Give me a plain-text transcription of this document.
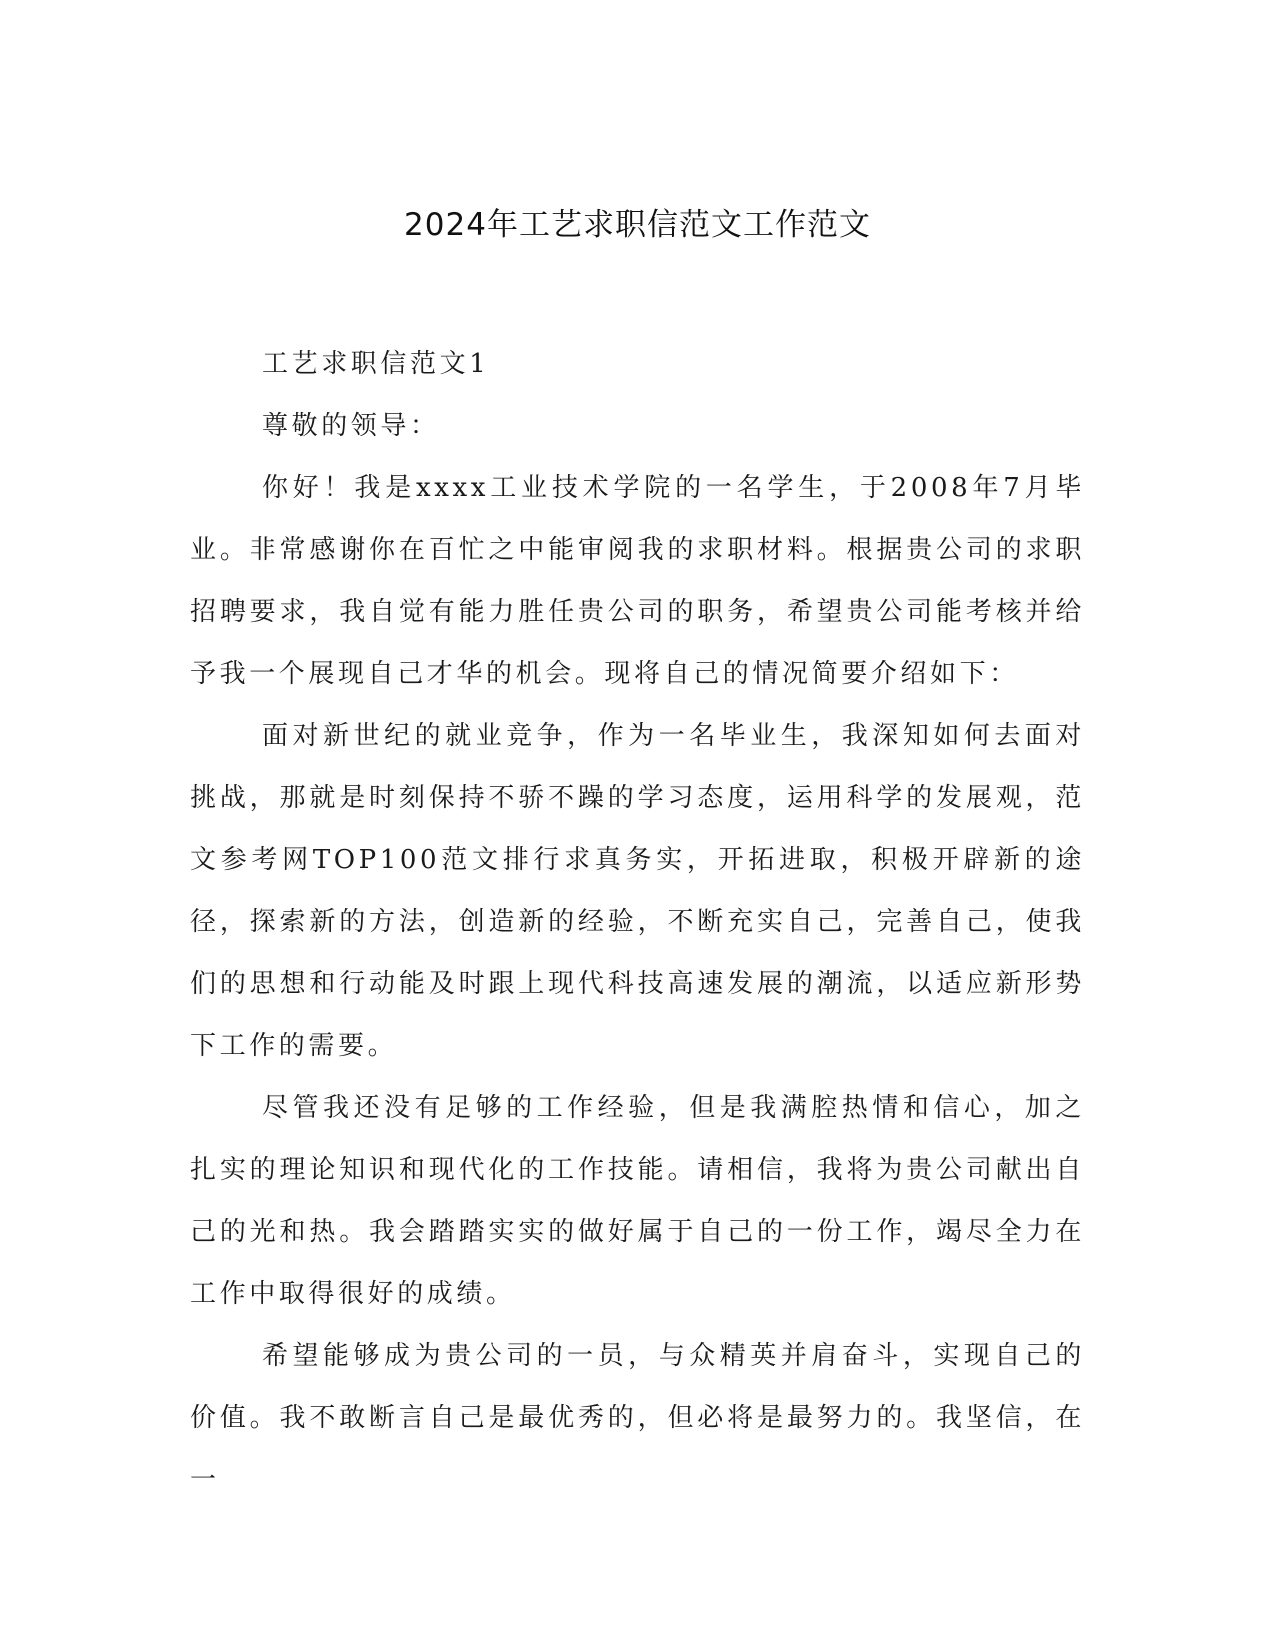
2024年工艺求职信范文工作范文

工艺求职信范文1

尊敬的领导：

你好！我是xxxx工业技术学院的一名学生，于2008年7月毕业。非常感谢你在百忙之中能审阅我的求职材料。根据贵公司的求职招聘要求，我自觉有能力胜任贵公司的职务，希望贵公司能考核并给予我一个展现自己才华的机会。现将自己的情况简要介绍如下：

面对新世纪的就业竞争，作为一名毕业生，我深知如何去面对挑战，那就是时刻保持不骄不躁的学习态度，运用科学的发展观，范文参考网TOP100范文排行求真务实，开拓进取，积极开辟新的途径，探索新的方法，创造新的经验，不断充实自己，完善自己，使我们的思想和行动能及时跟上现代科技高速发展的潮流，以适应新形势下工作的需要。

尽管我还没有足够的工作经验，但是我满腔热情和信心，加之扎实的理论知识和现代化的工作技能。请相信，我将为贵公司献出自己的光和热。我会踏踏实实的做好属于自己的一份工作，竭尽全力在工作中取得很好的成绩。

希望能够成为贵公司的一员，与众精英并肩奋斗，实现自己的价值。我不敢断言自己是最优秀的，但必将是最努力的。我坚信，在一
